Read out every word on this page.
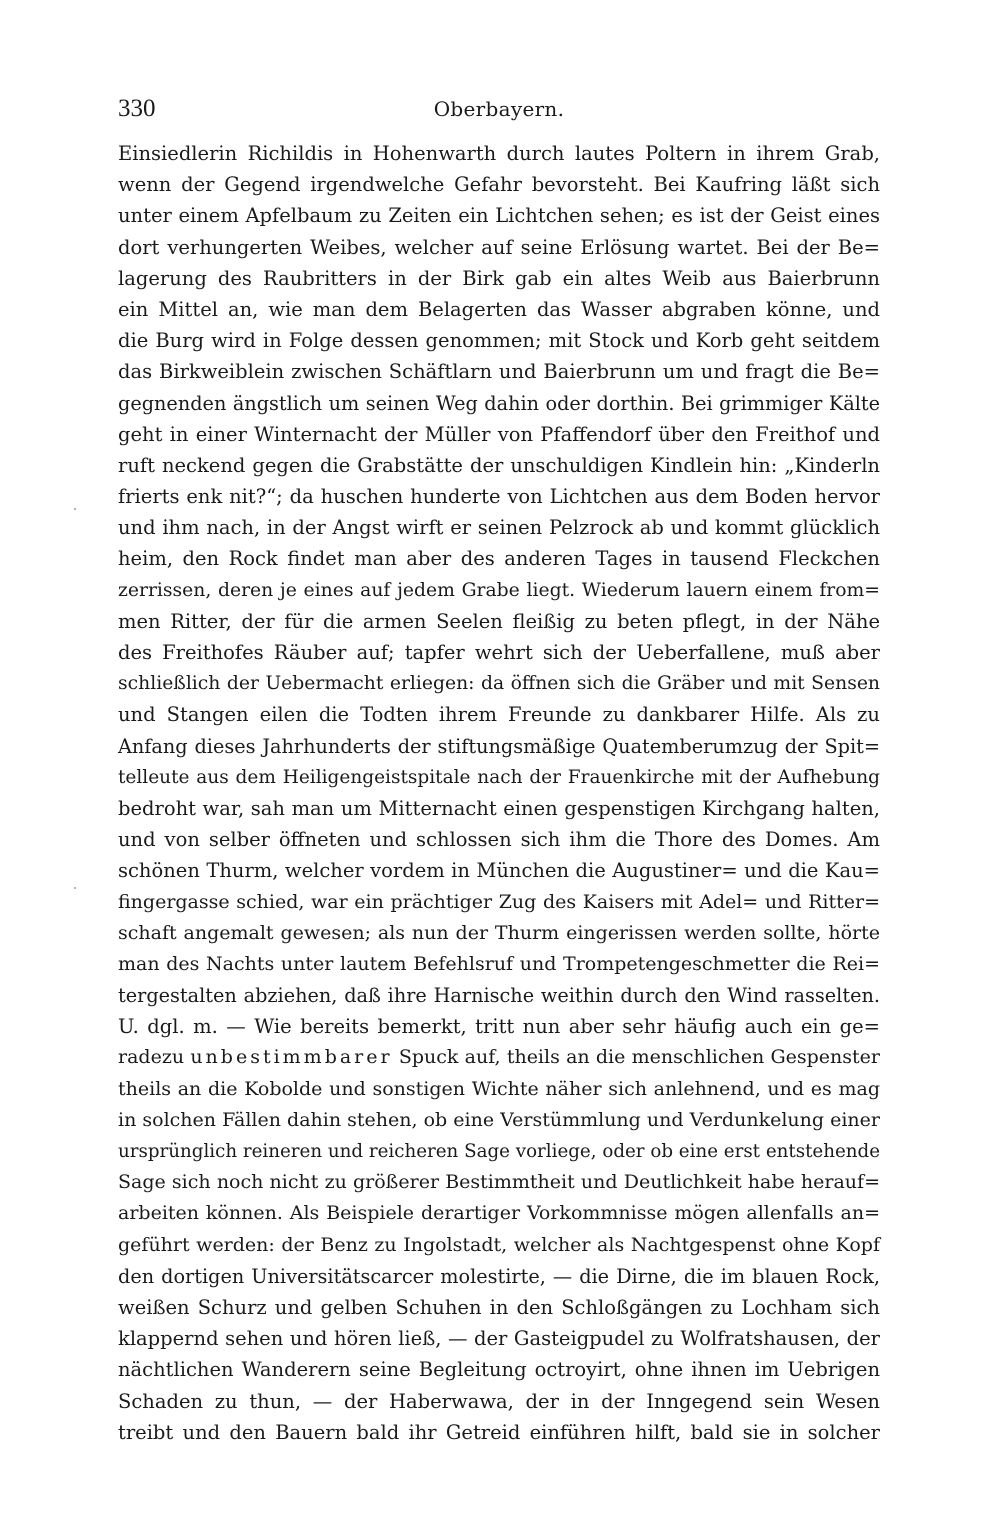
330	Oberbayern.
Einsiedlerin Richildis in Hohenwarth durch lautes Poltern in ihrem Grab,
wenn der Gegend irgendwelche Gefahr bevorsteht. Bei Kaufring läßt sich
unter einem Apfelbaum zu Zeiten ein Lichtchen sehen; es ist der Geist eines
dort verhungerten Weibes, welcher auf seine Erlösung wartet. Bei der Be=
lagerung des Raubritters in der Birk gab ein altes Weib aus Baierbrunn
ein Mittel an, wie man dem Belagerten das Wasser abgraben könne, und
die Burg wird in Folge dessen genommen; mit Stock und Korb geht seitdem
das Birkweiblein zwischen Schäftlarn und Baierbrunn um und fragt die Be=
gegnenden ängstlich um seinen Weg dahin oder dorthin. Bei grimmiger Kälte
geht in einer Winternacht der Müller von Pfaffendorf über den Freithof und
ruft neckend gegen die Grabstätte der unschuldigen Kindlein hin: „Kinderln
frierts enk nit?“; da huschen hunderte von Lichtchen aus dem Boden hervor
und ihm nach, in der Angst wirft er seinen Pelzrock ab und kommt glücklich
heim, den Rock findet man aber des anderen Tages in tausend Fleckchen
zerrissen, deren je eines auf jedem Grabe liegt. Wiederum lauern einem from=
men Ritter, der für die armen Seelen fleißig zu beten pflegt, in der Nähe
des Freithofes Räuber auf; tapfer wehrt sich der Ueberfallene, muß aber
schließlich der Uebermacht erliegen: da öffnen sich die Gräber und mit Sensen
und Stangen eilen die Todten ihrem Freunde zu dankbarer Hilfe. Als zu
Anfang dieses Jahrhunderts der stiftungsmäßige Quatemberumzug der Spit=
telleute aus dem Heiligengeistspitale nach der Frauenkirche mit der Aufhebung
bedroht war, sah man um Mitternacht einen gespenstigen Kirchgang halten,
und von selber öffneten und schlossen sich ihm die Thore des Domes. Am
schönen Thurm, welcher vordem in München die Augustiner= und die Kau=
fingergasse schied, war ein prächtiger Zug des Kaisers mit Adel= und Ritter=
schaft angemalt gewesen; als nun der Thurm eingerissen werden sollte, hörte
man des Nachts unter lautem Befehlsruf und Trompetengeschmetter die Rei=
tergestalten abziehen, daß ihre Harnische weithin durch den Wind rasselten.
U. dgl. m. — Wie bereits bemerkt, tritt nun aber sehr häufig auch ein ge=
radezu unbestimmbarer Spuck auf, theils an die menschlichen Gespenster
theils an die Kobolde und sonstigen Wichte näher sich anlehnend, und es mag
in solchen Fällen dahin stehen, ob eine Verstümmlung und Verdunkelung einer
ursprünglich reineren und reicheren Sage vorliege, oder ob eine erst entstehende
Sage sich noch nicht zu größerer Bestimmtheit und Deutlichkeit habe herauf=
arbeiten können. Als Beispiele derartiger Vorkommnisse mögen allenfalls an=
geführt werden: der Benz zu Ingolstadt, welcher als Nachtgespenst ohne Kopf
den dortigen Universitätscarcer molestirte, — die Dirne, die im blauen Rock,
weißen Schurz und gelben Schuhen in den Schloßgängen zu Lochham sich
klappernd sehen und hören ließ, — der Gasteigpudel zu Wolfratshausen, der
nächtlichen Wanderern seine Begleitung octroyirt, ohne ihnen im Uebrigen
Schaden zu thun, — der Haberwawa, der in der Inngegend sein Wesen
treibt und den Bauern bald ihr Getreid einführen hilft, bald sie in solcher
